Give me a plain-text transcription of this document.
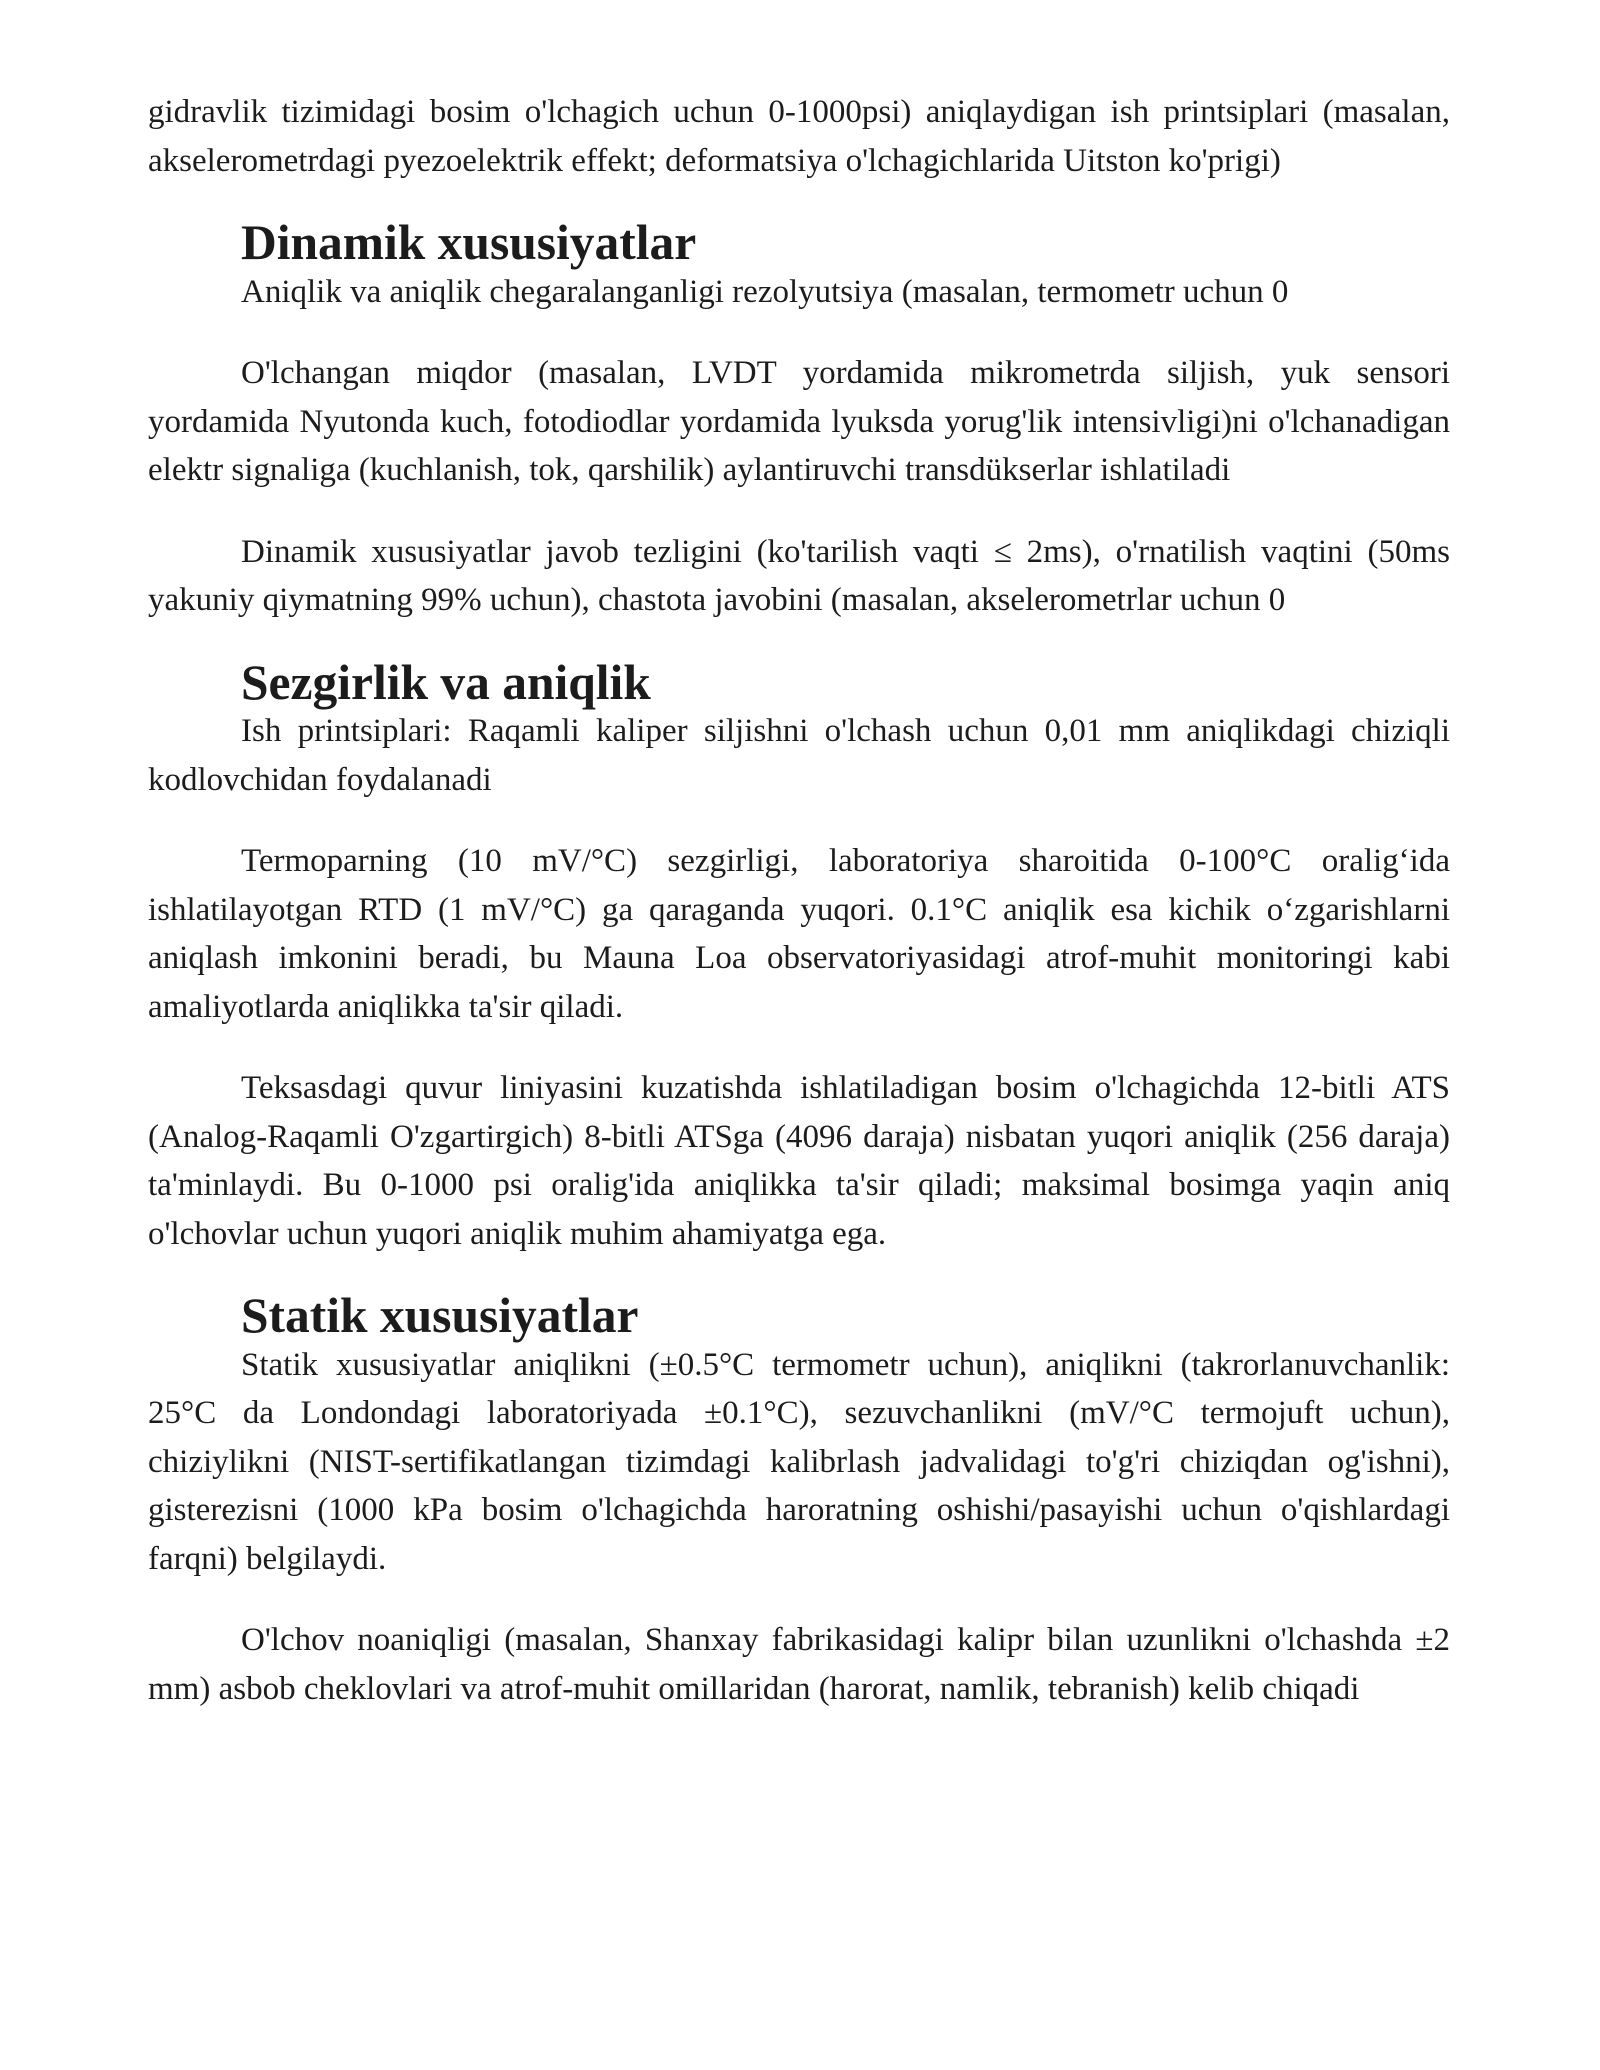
gidravlik tizimidagi bosim o'lchagich uchun 0-1000psi) aniqlaydigan ish printsiplari (masalan, akselerometrdagi pyezoelektrik effekt; deformatsiya o'lchagichlarida Uitston ko'prigi)

Dinamik xususiyatlar

Aniqlik va aniqlik chegaralanganligi rezolyutsiya (masalan, termometr uchun 0

O'lchangan miqdor (masalan, LVDT yordamida mikrometrda siljish, yuk sensori yordamida Nyutonda kuch, fotodiodlar yordamida lyuksda yorug'lik intensivligi)ni o'lchanadigan elektr signaliga (kuchlanish, tok, qarshilik) aylantiruvchi transdükserlar ishlatiladi

Dinamik xususiyatlar javob tezligini (ko'tarilish vaqti ≤ 2ms), o'rnatilish vaqtini (50ms yakuniy qiymatning 99% uchun), chastota javobini (masalan, akselerometrlar uchun 0

Sezgirlik va aniqlik

Ish printsiplari: Raqamli kaliper siljishni o'lchash uchun 0,01 mm aniqlikdagi chiziqli kodlovchidan foydalanadi

Termoparning (10 mV/°C) sezgirligi, laboratoriya sharoitida 0-100°C oralig‘ida ishlatilayotgan RTD (1 mV/°C) ga qaraganda yuqori. 0.1°C aniqlik esa kichik o‘zgarishlarni aniqlash imkonini beradi, bu Mauna Loa observatoriyasidagi atrof-muhit monitoringi kabi amaliyotlarda aniqlikka ta'sir qiladi.

Teksasdagi quvur liniyasini kuzatishda ishlatiladigan bosim o'lchagichda 12-bitli ATS (Analog-Raqamli O'zgartirgich) 8-bitli ATSga (4096 daraja) nisbatan yuqori aniqlik (256 daraja) ta'minlaydi. Bu 0-1000 psi oralig'ida aniqlikka ta'sir qiladi; maksimal bosimga yaqin aniq o'lchovlar uchun yuqori aniqlik muhim ahamiyatga ega.

Statik xususiyatlar

Statik xususiyatlar aniqlikni (±0.5°C termometr uchun), aniqlikni (takrorlanuvchanlik: 25°C da Londondagi laboratoriyada ±0.1°C), sezuvchanlikni (mV/°C termojuft uchun), chiziylikni (NIST-sertifikatlangan tizimdagi kalibrlash jadvalidagi to'g'ri chiziqdan og'ishni), gisterezisni (1000 kPa bosim o'lchagichda haroratning oshishi/pasayishi uchun o'qishlardagi farqni) belgilaydi.

O'lchov noaniqligi (masalan, Shanxay fabrikasidagi kalipr bilan uzunlikni o'lchashda ±2 mm) asbob cheklovlari va atrof-muhit omillaridan (harorat, namlik, tebranish) kelib chiqadi
